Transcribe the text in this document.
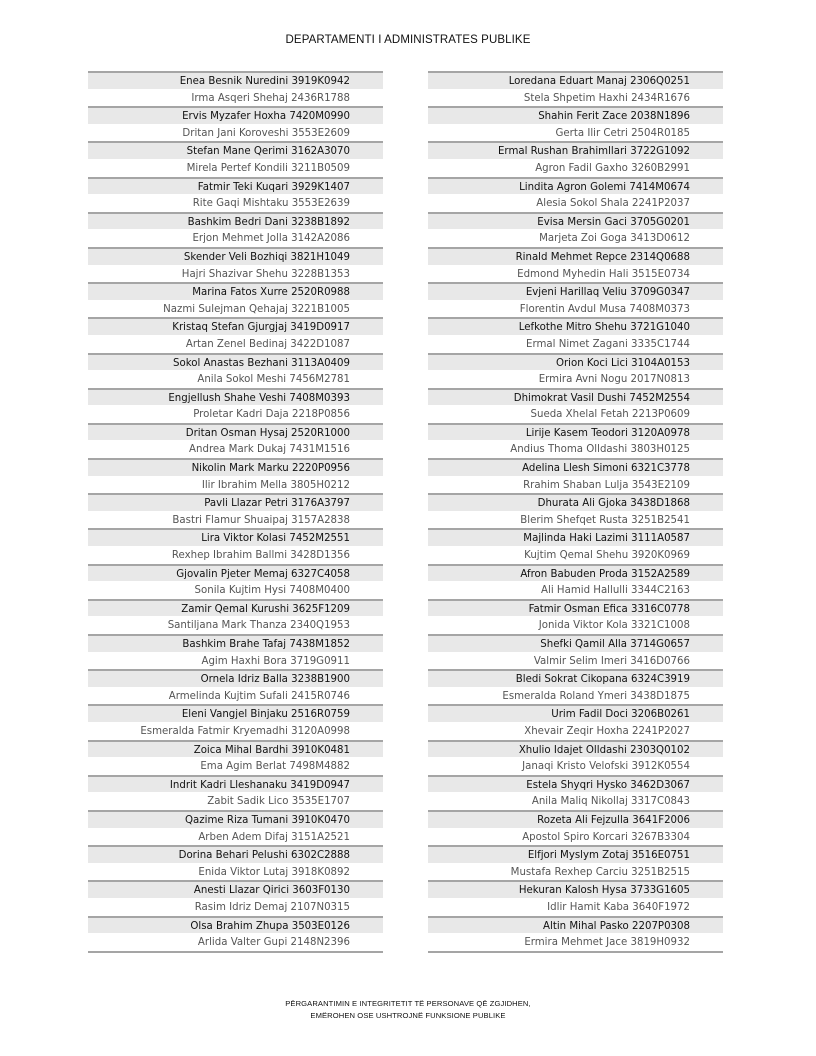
DEPARTAMENTI I ADMINISTRATES PUBLIKE
Enea Besnik Nuredini 3919K0942
Irma Asqeri Shehaj 2436R1788
Ervis Myzafer Hoxha 7420M0990
Dritan Jani Koroveshi 3553E2609
Stefan Mane Qerimi 3162A3070
Mirela Pertef Kondili 3211B0509
Fatmir Teki Kuqari 3929K1407
Rite Gaqi Mishtaku 3553E2639
Bashkim Bedri Dani 3238B1892
Erjon Mehmet Jolla 3142A2086
Skender Veli Bozhiqi 3821H1049
Hajri Shazivar Shehu 3228B1353
Marina Fatos Xurre 2520R0988
Nazmi Sulejman Qehajaj 3221B1005
Kristaq Stefan Gjurgjaj 3419D0917
Artan Zenel Bedinaj 3422D1087
Sokol Anastas Bezhani 3113A0409
Anila Sokol Meshi 7456M2781
Engjellush Shahe Veshi 7408M0393
Proletar Kadri Daja 2218P0856
Dritan Osman Hysaj 2520R1000
Andrea Mark Dukaj 7431M1516
Nikolin Mark Marku 2220P0956
Ilir Ibrahim Mella 3805H0212
Pavli Llazar Petri 3176A3797
Bastri Flamur Shuaipaj 3157A2838
Lira Viktor Kolasi 7452M2551
Rexhep Ibrahim Ballmi 3428D1356
Gjovalin Pjeter Memaj 6327C4058
Sonila Kujtim Hysi 7408M0400
Zamir Qemal Kurushi 3625F1209
Santiljana Mark Thanza 2340Q1953
Bashkim Brahe Tafaj 7438M1852
Agim Haxhi Bora 3719G0911
Ornela Idriz Balla 3238B1900
Armelinda Kujtim Sufali 2415R0746
Eleni Vangjel Binjaku 2516R0759
Esmeralda Fatmir Kryemadhi 3120A0998
Zoica Mihal Bardhi 3910K0481
Ema Agim Berlat 7498M4882
Indrit Kadri Lleshanaku 3419D0947
Zabit Sadik Lico 3535E1707
Qazime Riza Tumani 3910K0470
Arben Adem Difaj 3151A2521
Dorina Behari Pelushi 6302C2888
Enida Viktor Lutaj 3918K0892
Anesti Llazar Qirici 3603F0130
Rasim Idriz Demaj 2107N0315
Olsa Brahim Zhupa 3503E0126
Arlida Valter Gupi 2148N2396
Loredana Eduart Manaj 2306Q0251
Stela Shpetim Haxhi 2434R1676
Shahin Ferit Zace 2038N1896
Gerta Ilir Cetri 2504R0185
Ermal Rushan Brahimllari 3722G1092
Agron Fadil Gaxho 3260B2991
Lindita Agron Golemi 7414M0674
Alesia Sokol Shala 2241P2037
Evisa Mersin Gaci 3705G0201
Marjeta Zoi Goga 3413D0612
Rinald Mehmet Repce 2314Q0688
Edmond Myhedin Hali 3515E0734
Evjeni Harillaq Veliu 3709G0347
Florentin Avdul Musa 7408M0373
Lefkothe Mitro Shehu 3721G1040
Ermal Nimet Zagani 3335C1744
Orion Koci Lici 3104A0153
Ermira Avni Nogu 2017N0813
Dhimokrat Vasil Dushi 7452M2554
Sueda Xhelal Fetah 2213P0609
Lirije Kasem Teodori 3120A0978
Andius Thoma Olldashi 3803H0125
Adelina Llesh Simoni 6321C3778
Rrahim Shaban Lulja 3543E2109
Dhurata Ali Gjoka 3438D1868
Blerim Shefqet Rusta 3251B2541
Majlinda Haki Lazimi 3111A0587
Kujtim Qemal Shehu 3920K0969
Afron Babuden Proda 3152A2589
Ali Hamid Hallulli 3344C2163
Fatmir Osman Efica 3316C0778
Jonida Viktor Kola 3321C1008
Shefki Qamil Alla 3714G0657
Valmir Selim Imeri 3416D0766
Bledi Sokrat Cikopana 6324C3919
Esmeralda Roland Ymeri 3438D1875
Urim Fadil Doci 3206B0261
Xhevair Zeqir Hoxha 2241P2027
Xhulio Idajet Olldashi 2303Q0102
Janaqi Kristo Velofski 3912K0554
Estela Shyqri Hysko 3462D3067
Anila Maliq Nikollaj 3317C0843
Rozeta Ali Fejzulla 3641F2006
Apostol Spiro Korcari 3267B3304
Elfjori Myslym Zotaj 3516E0751
Mustafa Rexhep Carciu 3251B2515
Hekuran Kalosh Hysa 3733G1605
Idlir Hamit Kaba 3640F1972
Altin Mihal Pasko 2207P0308
Ermira Mehmet Jace 3819H0932
PËRGARANTIMIN E INTEGRITETIT TË PERSONAVE QË ZGJIDHEN,
EMËROHEN OSE USHTROJNË FUNKSIONE PUBLIKE
